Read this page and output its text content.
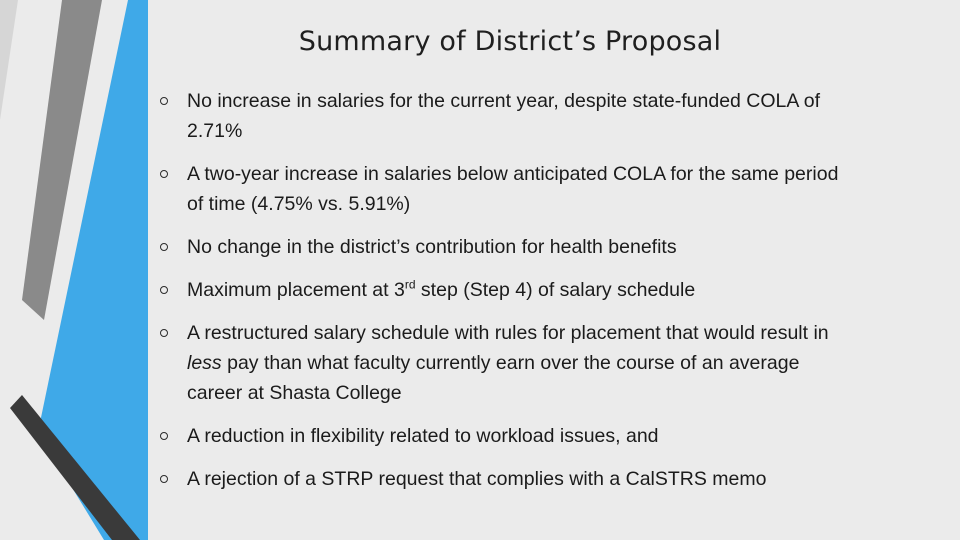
Summary of District’s Proposal
No increase in salaries for the current year, despite state-funded COLA of 2.71%
A two-year increase in salaries below anticipated COLA for the same period of time (4.75% vs. 5.91%)
No change in the district’s contribution for health benefits
Maximum placement at 3rd step (Step 4) of salary schedule
A restructured salary schedule with rules for placement that would result in less pay than what faculty currently earn over the course of an average career at Shasta College
A reduction in flexibility related to workload issues, and
A rejection of a STRP request that complies with a CalSTRS memo
